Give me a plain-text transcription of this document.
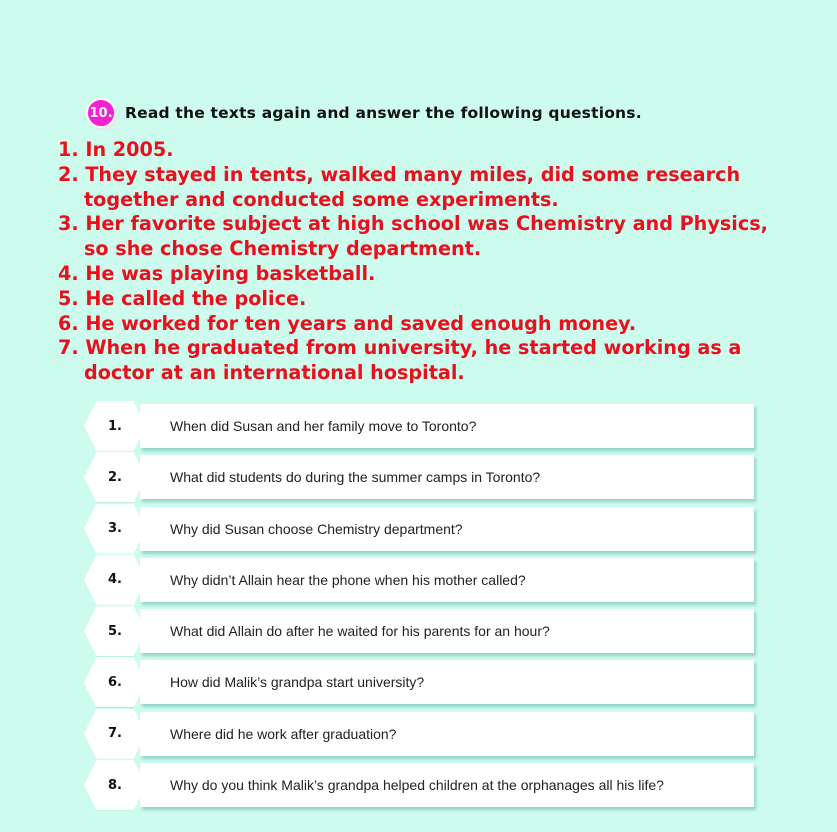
10. Read the texts again and answer the following questions.
1. In 2005.
2. They stayed in tents, walked many miles, did some research
together and conducted some experiments.
3. Her favorite subject at high school was Chemistry and Physics,
so she chose Chemistry department.
4. He was playing basketball.
5. He called the police.
6. He worked for ten years and saved enough money.
7. When he graduated from university, he started working as a
doctor at an international hospital.
1.	When did Susan and her family move to Toronto?
2.	What did students do during the summer camps in Toronto?
3.	Why did Susan choose Chemistry department?
4.	Why didn’t Allain hear the phone when his mother called?
5.	What did Allain do after he waited for his parents for an hour?
6.	How did Malik’s grandpa start university?
7.	Where did he work after graduation?
8.	Why do you think Malik’s grandpa helped children at the orphanages all his life?
